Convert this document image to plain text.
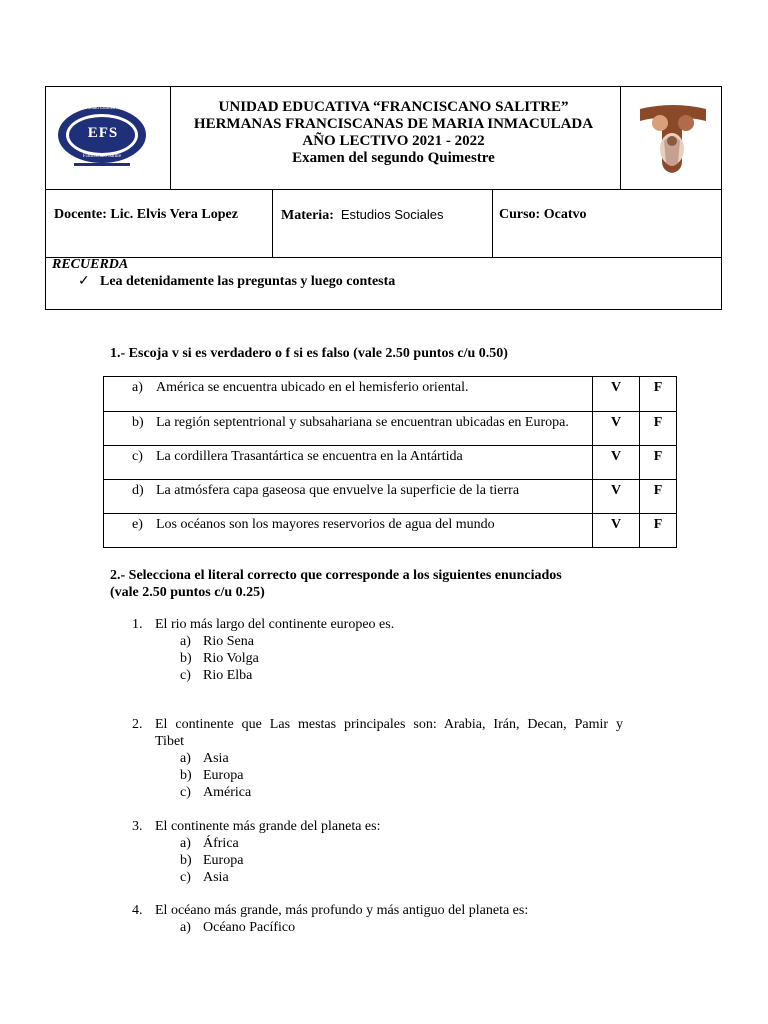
EFS
Unidad Educativa
Franciscano Salitre
UNIDAD EDUCATIVA “FRANCISCANO SALITRE”
HERMANAS FRANCISCANAS DE MARIA INMACULADA
AÑO LECTIVO 2021 - 2022
Examen del segundo Quimestre
Docente: Lic. Elvis Vera Lopez	Materia: Estudios Sociales	Curso: Ocatvo
RECUERDA
✓ Lea detenidamente las preguntas y luego contesta
1.- Escoja v si es verdadero o f si es falso (vale 2.50 puntos c/u 0.50)
a) América se encuentra ubicado en el hemisferio oriental.	V	F

b) La región septentrional y subsahariana se encuentran ubicadas en Europa.	V	F

c) La cordillera Trasantártica se encuentra en la Antártida	V	F

d) La atmósfera capa gaseosa que envuelve la superficie de la tierra	V	F

e) Los océanos son los mayores reservorios de agua del mundo	V	F
2.- Selecciona el literal correcto que corresponde a los siguientes enunciados
(vale 2.50 puntos c/u 0.25)
1. El rio más largo del continente europeo es.
a) Rio Sena
b) Rio Volga
c) Rio Elba
2. El continente que Las mestas principales son: Arabia, Irán, Decan, Pamir y
Tibet
a) Asia
b) Europa
c) América
3. El continente más grande del planeta es:
a) África
b) Europa
c) Asia
4. El océano más grande, más profundo y más antiguo del planeta es:
a) Océano Pacífico
